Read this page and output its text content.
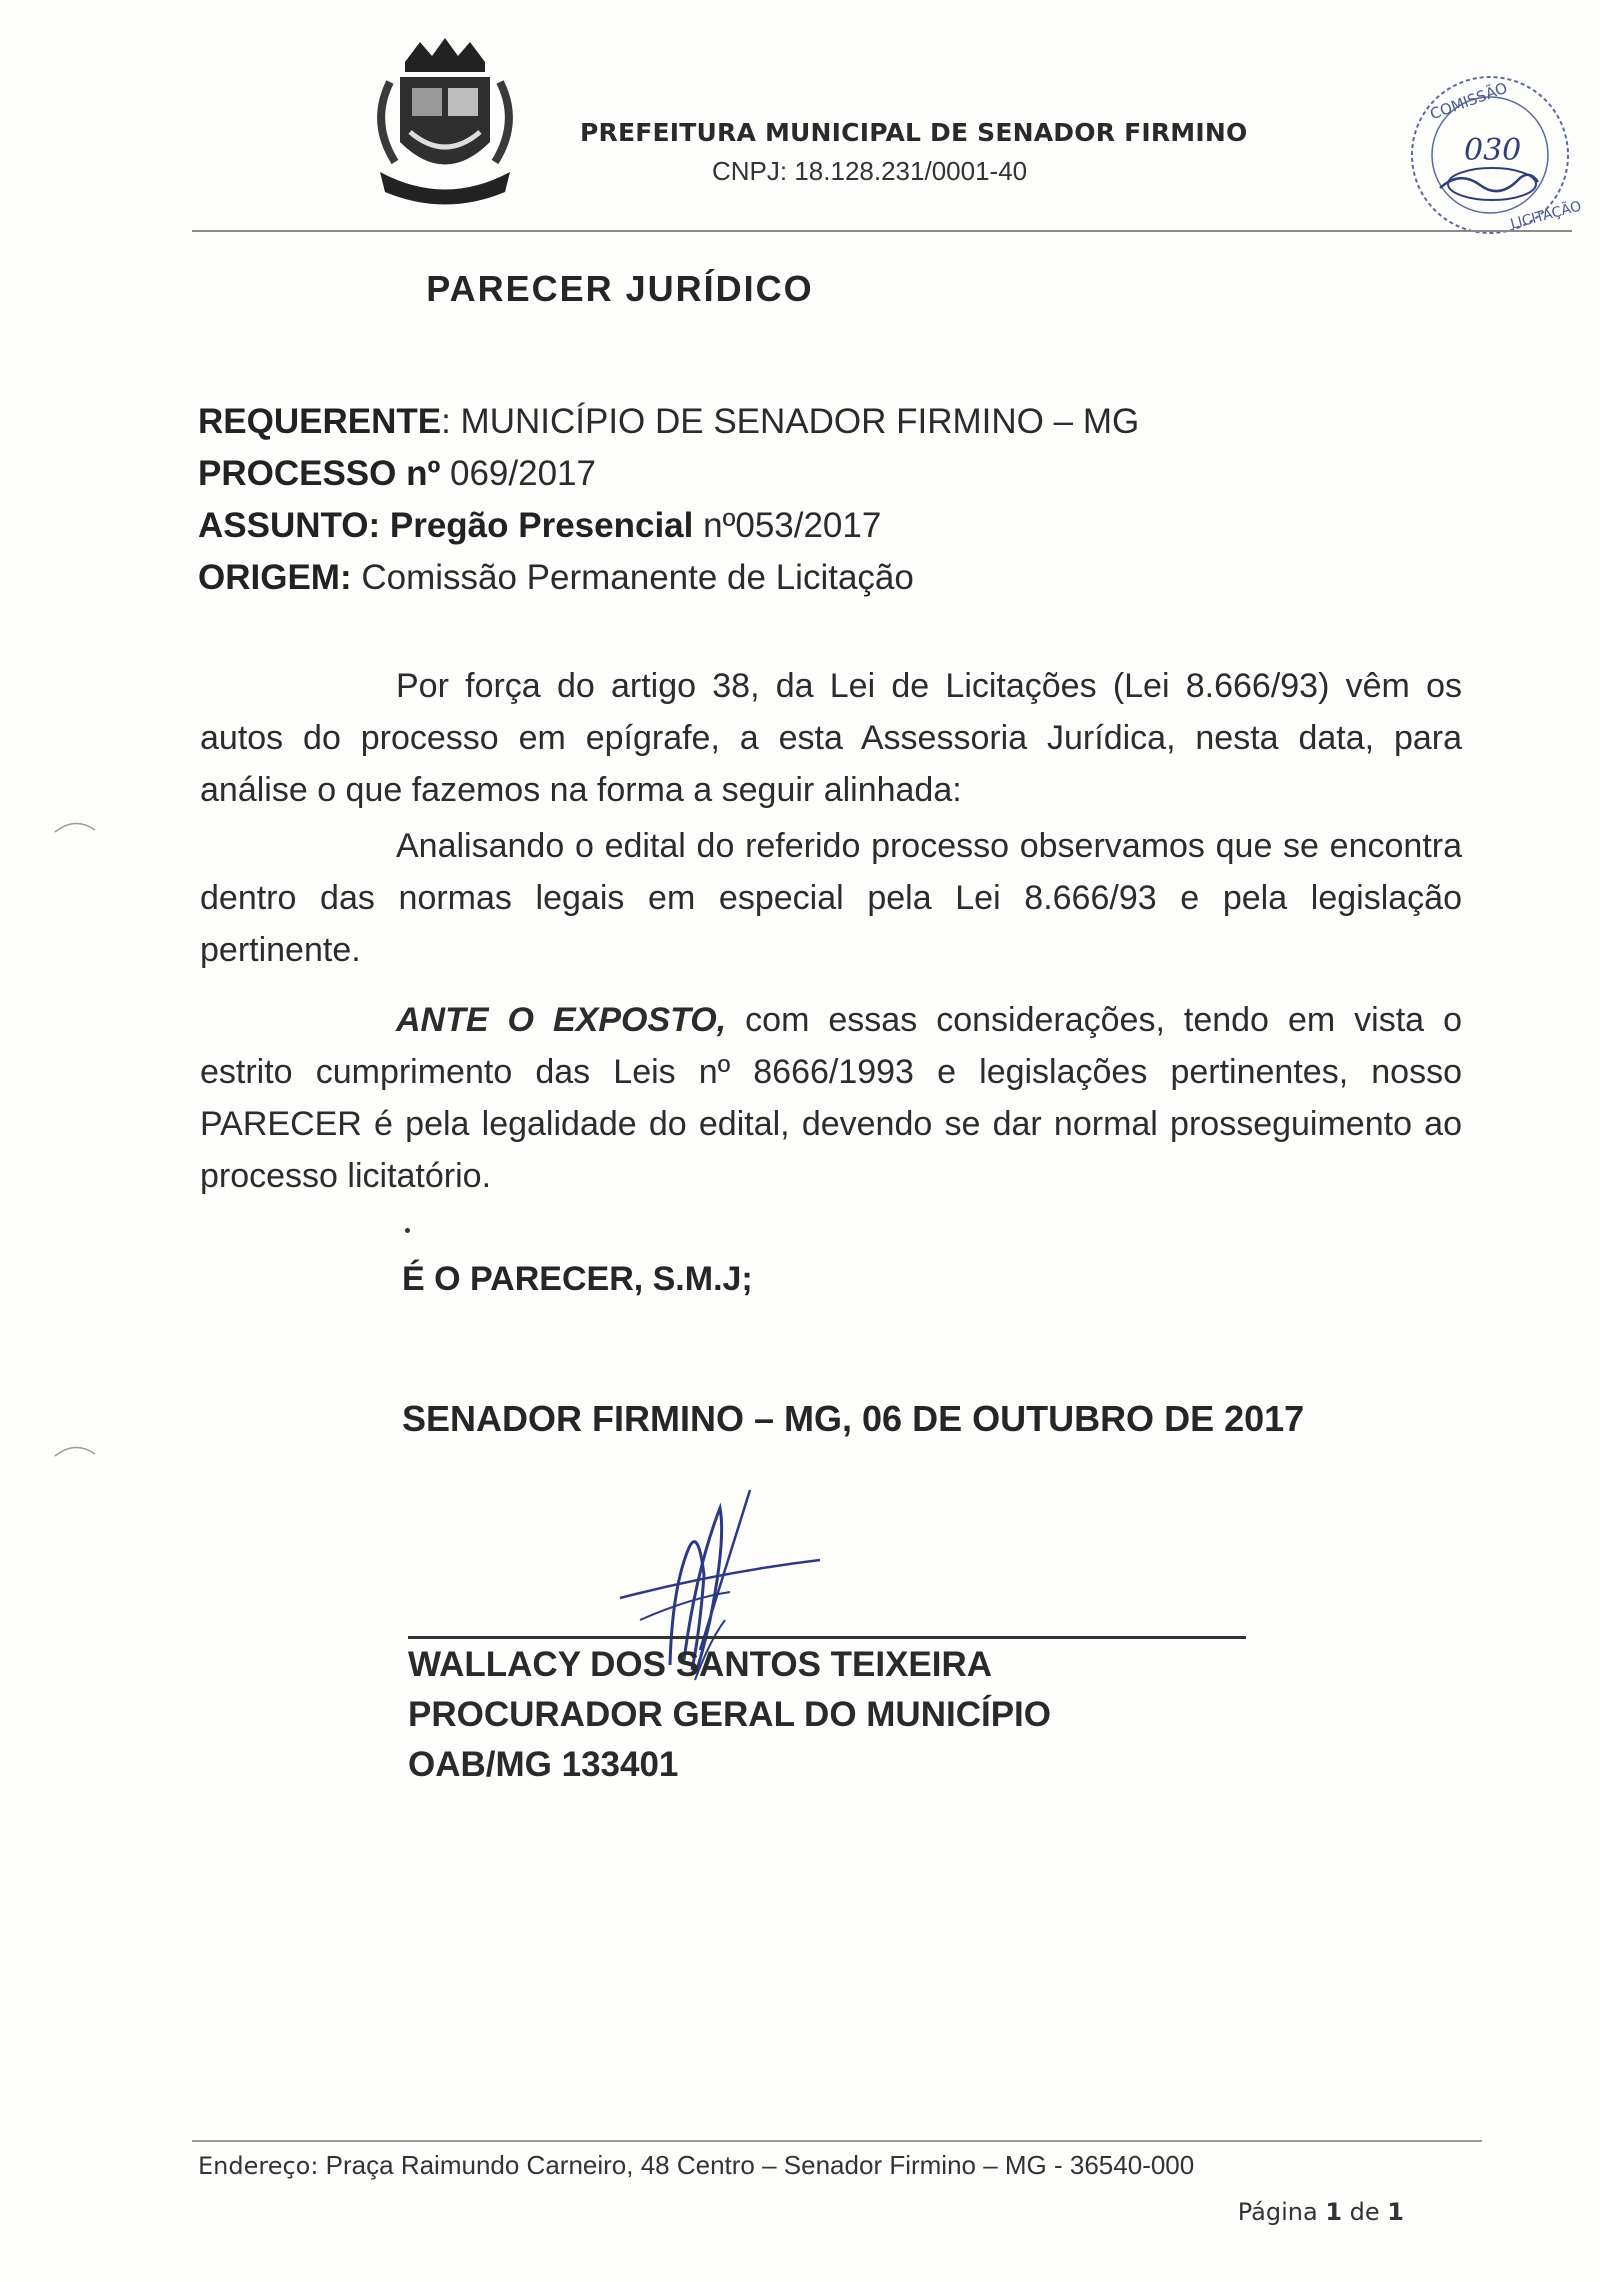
PREFEITURA MUNICIPAL DE SENADOR FIRMINO
CNPJ: 18.128.231/0001-40
COMISSÃO
030
LICITAÇÃO
PARECER JURÍDICO
REQUERENTE: MUNICÍPIO DE SENADOR FIRMINO – MG
PROCESSO nº 069/2017
ASSUNTO: Pregão Presencial nº053/2017
ORIGEM: Comissão Permanente de Licitação
Por força do artigo 38, da Lei de Licitações (Lei 8.666/93) vêm os autos do processo em epígrafe, a esta Assessoria Jurídica, nesta data, para análise o que fazemos na forma a seguir alinhada:
Analisando o edital do referido processo observamos que se encontra dentro das normas legais em especial pela Lei 8.666/93 e pela legislação pertinente.
ANTE O EXPOSTO, com essas considerações, tendo em vista o estrito cumprimento das Leis nº 8666/1993 e legislações pertinentes, nosso PARECER é pela legalidade do edital, devendo se dar normal prosseguimento ao processo licitatório.
É O PARECER, S.M.J;
SENADOR FIRMINO – MG, 06 DE OUTUBRO DE 2017
WALLACY DOS SANTOS TEIXEIRA
PROCURADOR GERAL DO MUNICÍPIO
OAB/MG 133401
Endereço: Praça Raimundo Carneiro, 48 Centro – Senador Firmino – MG - 36540-000
Página 1 de 1
